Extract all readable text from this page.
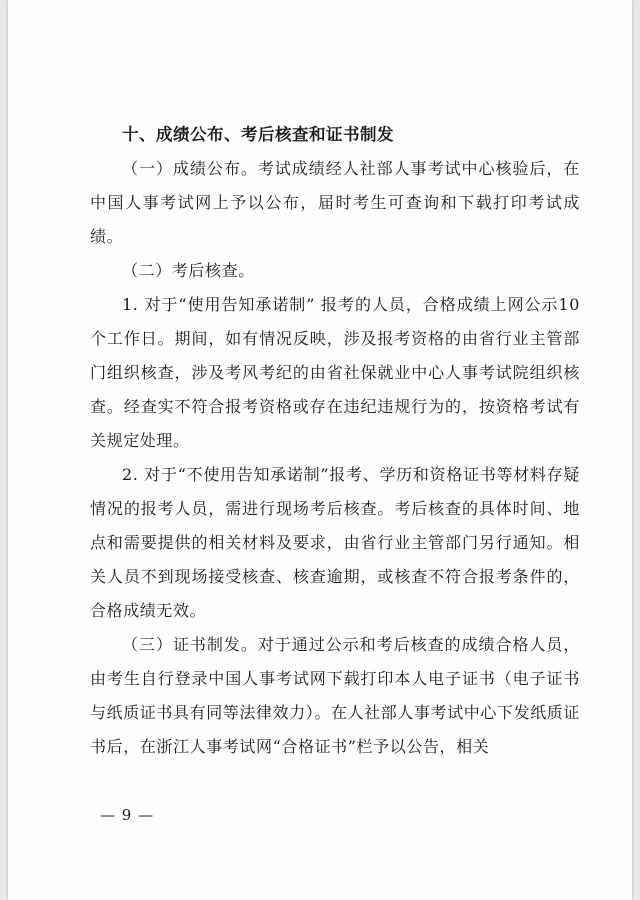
十、成绩公布、考后核查和证书制发

（一）成绩公布。考试成绩经人社部人事考试中心核验后，在中国人事考试网上予以公布，届时考生可查询和下载打印考试成绩。

（二）考后核查。

1. 对于“使用告知承诺制” 报考的人员，合格成绩上网公示10个工作日。期间，如有情况反映，涉及报考资格的由省行业主管部门组织核查，涉及考风考纪的由省社保就业中心人事考试院组织核查。经查实不符合报考资格或存在违纪违规行为的，按资格考试有关规定处理。

2. 对于“不使用告知承诺制”报考、学历和资格证书等材料存疑情况的报考人员，需进行现场考后核查。考后核查的具体时间、地点和需要提供的相关材料及要求，由省行业主管部门另行通知。相关人员不到现场接受核查、核查逾期，或核查不符合报考条件的，合格成绩无效。

（三）证书制发。对于通过公示和考后核查的成绩合格人员，由考生自行登录中国人事考试网下载打印本人电子证书（电子证书与纸质证书具有同等法律效力）。在人社部人事考试中心下发纸质证书后，在浙江人事考试网“合格证书”栏予以公告，相关

— 9 —
